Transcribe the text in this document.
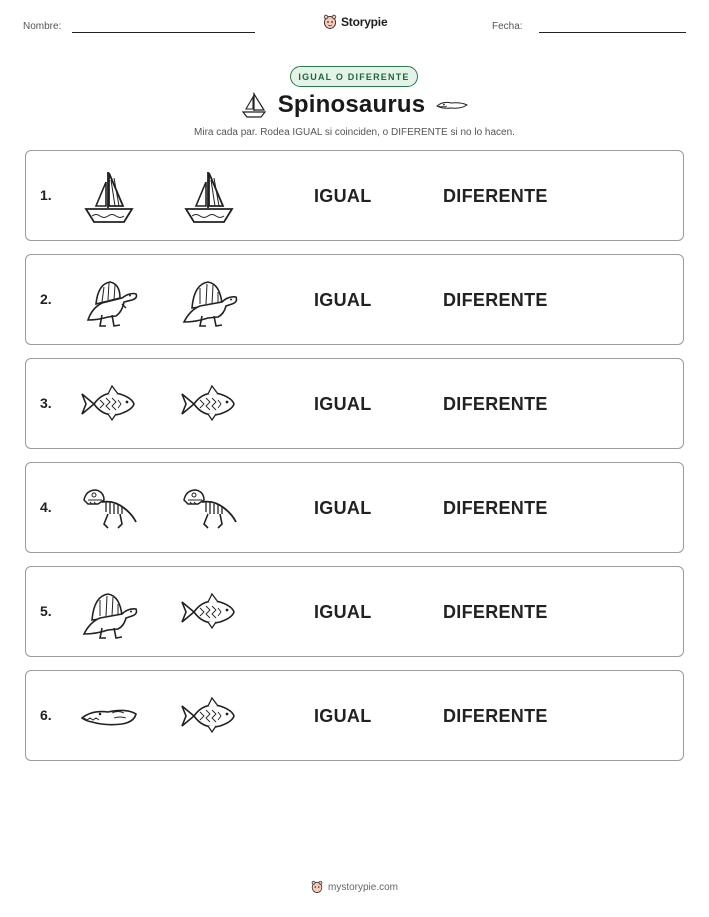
Nombre:	Storypie	Fecha:
IGUAL O DIFERENTE
Spinosaurus
Mira cada par. Rodea IGUAL si coinciden, o DIFERENTE si no lo hacen.
1.	IGUAL	DIFERENTE
2.	IGUAL	DIFERENTE
3.	IGUAL	DIFERENTE
4.	IGUAL	DIFERENTE
5.	IGUAL	DIFERENTE
6.	IGUAL	DIFERENTE
mystorypie.com
